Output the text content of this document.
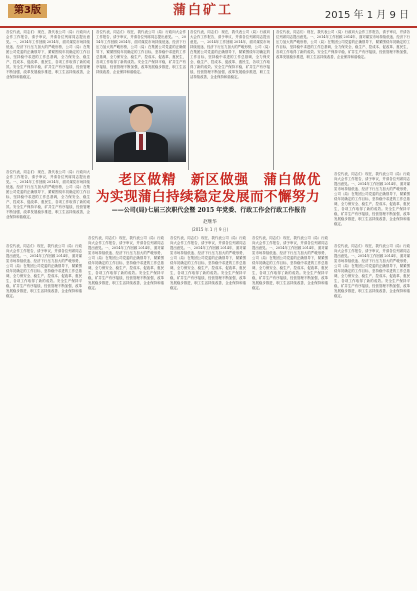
第3版	蒲白矿工	2015 年 1 月 9 日
各位代表，同志们：现在，我代表公司（局）行政向大会作工作报告，请予审议，并请各位列席同志提出意见。一、2014年工作回顾 2014年，面对煤炭市场持续低迷、经济下行压力加大的严峻形势，公司（局）在集团公司党委的正确领导下，紧紧围绕年初确定的工作目标，坚持稳中求进的工作总基调，全力保安全、稳生产、控成本、促改革、惠民生，各项工作取得了新的成效。安全生产保持平稳，矿井生产有序接续，经营管理不断加强，改革发展稳步推进，职工生活持续改善，企业保持和谐稳定。
各位代表，同志们：现在，我代表公司（局）行政向大会作工作报告，请予审议，并请各位列席同志提出意见。一、2014年工作回顾 2014年，面对煤炭市场持续低迷、经济下行压力加大的严峻形势，公司（局）在集团公司党委的正确领导下，紧紧围绕年初确定的工作目标，坚持稳中求进的工作总基调，全力保安全、稳生产、控成本、促改革、惠民生，各项工作取得了新的成效。安全生产保持平稳，矿井生产有序接续，经营管理不断加强，改革发展稳步推进，职工生活持续改善，企业保持和谐稳定。
各位代表，同志们：现在，我代表公司（局）行政向大会作工作报告，请予审议，并请各位列席同志提出意见。一、2014年工作回顾 2014年，面对煤炭市场持续低迷、经济下行压力加大的严峻形势，公司（局）在集团公司党委的正确领导下，紧紧围绕年初确定的工作目标，坚持稳中求进的工作总基调，全力保安全、稳生产、控成本、促改革、惠民生，各项工作取得了新的成效。安全生产保持平稳，矿井生产有序接续，经营管理不断加强，改革发展稳步推进，职工生活持续改善，企业保持和谐稳定。
各位代表，同志们：现在，我代表公司（局）行政向大会作工作报告，请予审议，并请各位列席同志提出意见。一、2014年工作回顾 2014年，面对煤炭市场持续低迷、经济下行压力加大的严峻形势，公司（局）在集团公司党委的正确领导下，紧紧围绕年初确定的工作目标，坚持稳中求进的工作总基调，全力保安全、稳生产、控成本、促改革、惠民生，各项工作取得了新的成效。安全生产保持平稳，矿井生产有序接续，经营管理不断加强，改革发展稳步推进，职工生活持续改善，企业保持和谐稳定。
各位代表，同志们：现在，我代表公司（局）行政向大会作工作报告，请予审议，并请各位列席同志提出意见。一、2014年工作回顾 2014年，面对煤炭市场持续低迷、经济下行压力加大的严峻形势，公司（局）在集团公司党委的正确领导下，紧紧围绕年初确定的工作目标，坚持稳中求进的工作总基调，全力保安全、稳生产、控成本、促改革、惠民生，各项工作取得了新的成效。安全生产保持平稳，矿井生产有序接续，经营管理不断加强，改革发展稳步推进，职工生活持续改善，企业保持和谐稳定。
老区做精　新区做强　蒲白做优
为实现蒲白持续稳定发展而不懈努力
——公司(局)七届三次职代会暨 2015 年党委、行政工作会行政工作报告
赵继华
(2015 年 1 月 9 日)
各位代表，同志们：现在，我代表公司（局）行政向大会作工作报告，请予审议，并请各位列席同志提出意见。一、2014年工作回顾 2014年，面对煤炭市场持续低迷、经济下行压力加大的严峻形势，公司（局）在集团公司党委的正确领导下，紧紧围绕年初确定的工作目标，坚持稳中求进的工作总基调，全力保安全、稳生产、控成本、促改革、惠民生，各项工作取得了新的成效。安全生产保持平稳，矿井生产有序接续，经营管理不断加强，改革发展稳步推进，职工生活持续改善，企业保持和谐稳定。
各位代表，同志们：现在，我代表公司（局）行政向大会作工作报告，请予审议，并请各位列席同志提出意见。一、2014年工作回顾 2014年，面对煤炭市场持续低迷、经济下行压力加大的严峻形势，公司（局）在集团公司党委的正确领导下，紧紧围绕年初确定的工作目标，坚持稳中求进的工作总基调，全力保安全、稳生产、控成本、促改革、惠民生，各项工作取得了新的成效。安全生产保持平稳，矿井生产有序接续，经营管理不断加强，改革发展稳步推进，职工生活持续改善，企业保持和谐稳定。
各位代表，同志们：现在，我代表公司（局）行政向大会作工作报告，请予审议，并请各位列席同志提出意见。一、2014年工作回顾 2014年，面对煤炭市场持续低迷、经济下行压力加大的严峻形势，公司（局）在集团公司党委的正确领导下，紧紧围绕年初确定的工作目标，坚持稳中求进的工作总基调，全力保安全、稳生产、控成本、促改革、惠民生，各项工作取得了新的成效。安全生产保持平稳，矿井生产有序接续，经营管理不断加强，改革发展稳步推进，职工生活持续改善，企业保持和谐稳定。
各位代表，同志们：现在，我代表公司（局）行政向大会作工作报告，请予审议，并请各位列席同志提出意见。一、2014年工作回顾 2014年，面对煤炭市场持续低迷、经济下行压力加大的严峻形势，公司（局）在集团公司党委的正确领导下，紧紧围绕年初确定的工作目标，坚持稳中求进的工作总基调，全力保安全、稳生产、控成本、促改革、惠民生，各项工作取得了新的成效。安全生产保持平稳，矿井生产有序接续，经营管理不断加强，改革发展稳步推进，职工生活持续改善，企业保持和谐稳定。
各位代表，同志们：现在，我代表公司（局）行政向大会作工作报告，请予审议，并请各位列席同志提出意见。一、2014年工作回顾 2014年，面对煤炭市场持续低迷、经济下行压力加大的严峻形势，公司（局）在集团公司党委的正确领导下，紧紧围绕年初确定的工作目标，坚持稳中求进的工作总基调，全力保安全、稳生产、控成本、促改革、惠民生，各项工作取得了新的成效。安全生产保持平稳，矿井生产有序接续，经营管理不断加强，改革发展稳步推进，职工生活持续改善，企业保持和谐稳定。
各位代表，同志们：现在，我代表公司（局）行政向大会作工作报告，请予审议，并请各位列席同志提出意见。一、2014年工作回顾 2014年，面对煤炭市场持续低迷、经济下行压力加大的严峻形势，公司（局）在集团公司党委的正确领导下，紧紧围绕年初确定的工作目标，坚持稳中求进的工作总基调，全力保安全、稳生产、控成本、促改革、惠民生，各项工作取得了新的成效。安全生产保持平稳，矿井生产有序接续，经营管理不断加强，改革发展稳步推进，职工生活持续改善，企业保持和谐稳定。
